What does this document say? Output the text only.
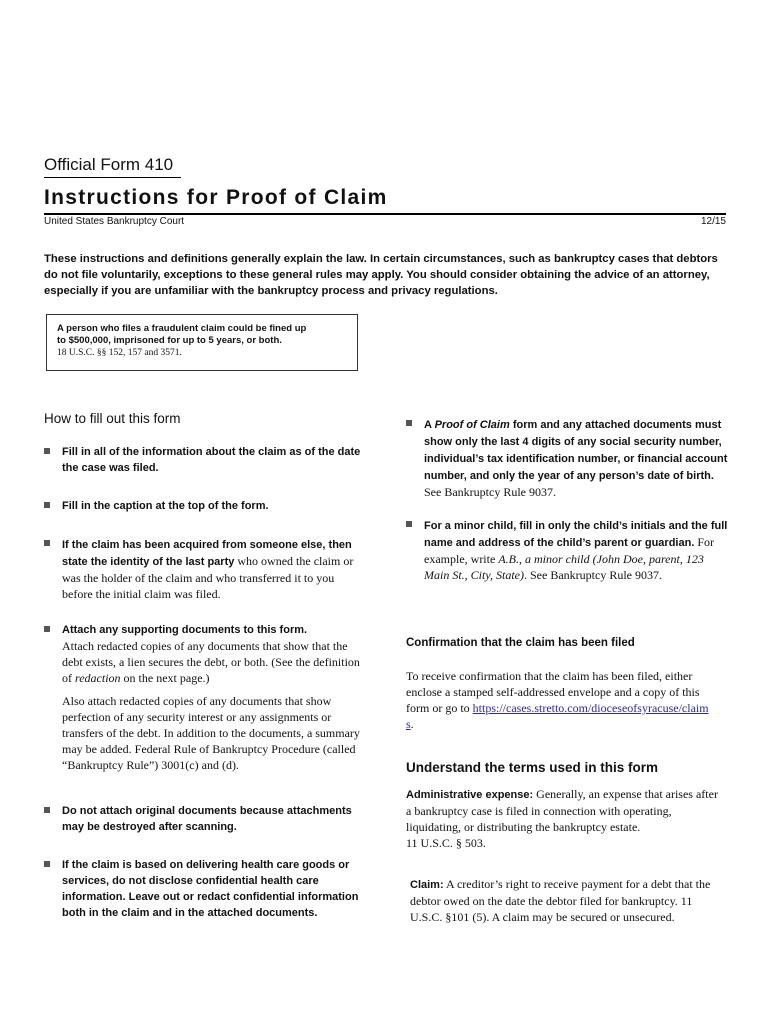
Official Form 410
Instructions for Proof of Claim
United States Bankruptcy Court	12/15
These instructions and definitions generally explain the law. In certain circumstances, such as bankruptcy cases that debtors do not file voluntarily, exceptions to these general rules may apply. You should consider obtaining the advice of an attorney, especially if you are unfamiliar with the bankruptcy process and privacy regulations.
A person who files a fraudulent claim could be fined up
to $500,000, imprisoned for up to 5 years, or both.
18 U.S.C. §§ 152, 157 and 3571.
How to fill out this form
Fill in all of the information about the claim as of the date the case was filed.
Fill in the caption at the top of the form.
If the claim has been acquired from someone else, then state the identity of the last party who owned the claim or was the holder of the claim and who transferred it to you before the initial claim was filed.
Attach any supporting documents to this form.
Attach redacted copies of any documents that show that the debt exists, a lien secures the debt, or both. (See the definition of redaction on the next page.)
Also attach redacted copies of any documents that show perfection of any security interest or any assignments or transfers of the debt. In addition to the documents, a summary may be added. Federal Rule of Bankruptcy Procedure (called “Bankruptcy Rule”) 3001(c) and (d).
Do not attach original documents because attachments may be destroyed after scanning.
If the claim is based on delivering health care goods or services, do not disclose confidential health care information. Leave out or redact confidential information both in the claim and in the attached documents.
A Proof of Claim form and any attached documents must show only the last 4 digits of any social security number, individual’s tax identification number, or financial account number, and only the year of any person’s date of birth. See Bankruptcy Rule 9037.
For a minor child, fill in only the child’s initials and the full name and address of the child’s parent or guardian. For example, write A.B., a minor child (John Doe, parent, 123 Main St., City, State). See Bankruptcy Rule 9037.
Confirmation that the claim has been filed
To receive confirmation that the claim has been filed, either enclose a stamped self-addressed envelope and a copy of this form or go to https://cases.stretto.com/dioceseofsyracuse/claims.
Understand the terms used in this form
Administrative expense: Generally, an expense that arises after a bankruptcy case is filed in connection with operating, liquidating, or distributing the bankruptcy estate.
11 U.S.C. § 503.
Claim: A creditor’s right to receive payment for a debt that the debtor owed on the date the debtor filed for bankruptcy. 11 U.S.C. §101 (5). A claim may be secured or unsecured.
